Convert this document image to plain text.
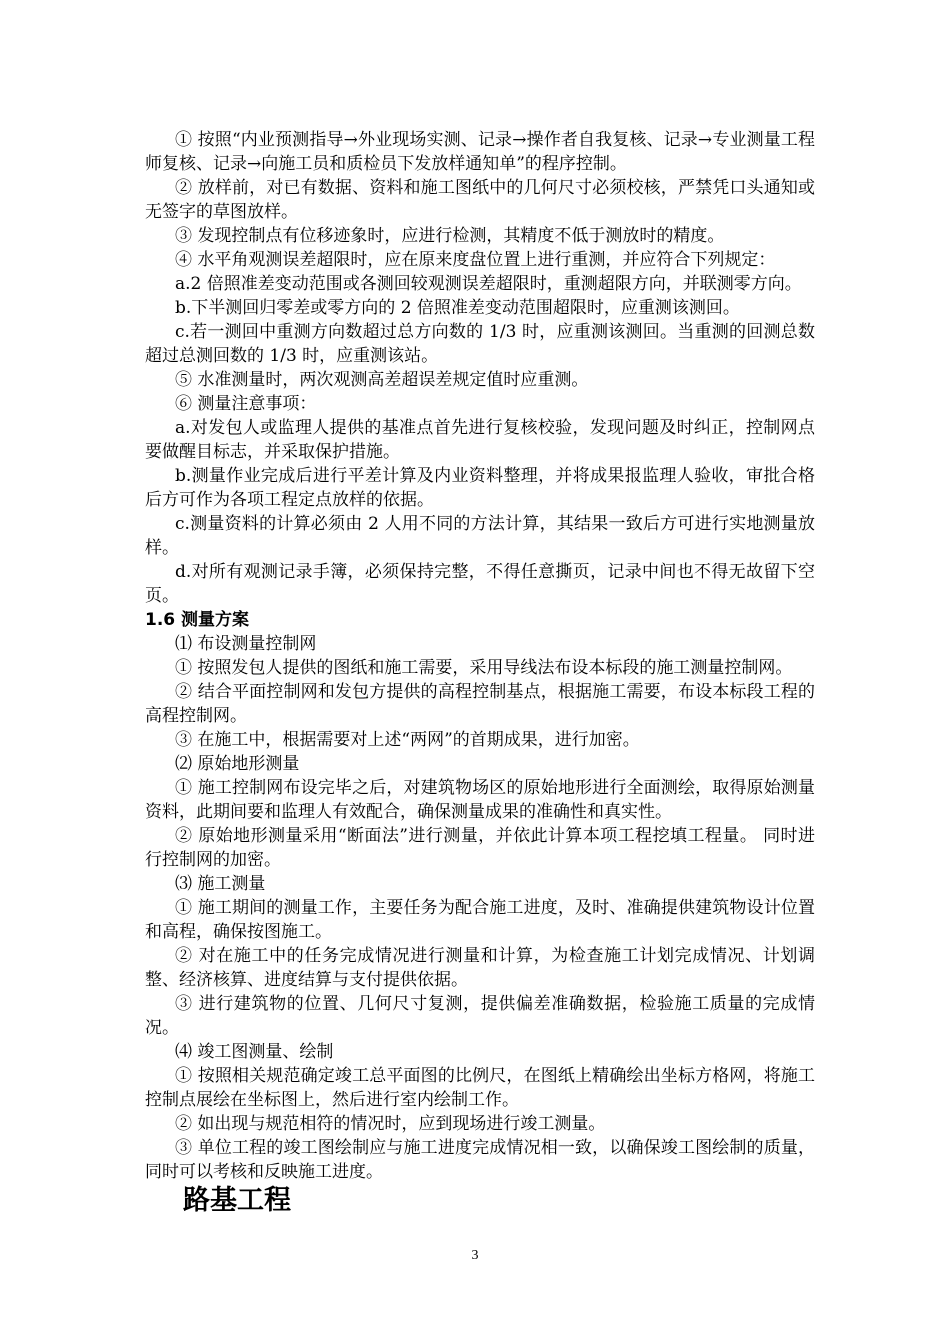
① 按照“内业预测指导→外业现场实测、记录→操作者自我复核、记录→专业测量工程师复核、记录→向施工员和质检员下发放样通知单”的程序控制。

② 放样前，对已有数据、资料和施工图纸中的几何尺寸必须校核，严禁凭口头通知或无签字的草图放样。

③ 发现控制点有位移迹象时，应进行检测，其精度不低于测放时的精度。

④ 水平角观测误差超限时，应在原来度盘位置上进行重测，并应符合下列规定：

a.2 倍照准差变动范围或各测回较观测误差超限时，重测超限方向，并联测零方向。

b.下半测回归零差或零方向的 2 倍照准差变动范围超限时，应重测该测回。

c.若一测回中重测方向数超过总方向数的 1/3 时，应重测该测回。当重测的回测总数超过总测回数的 1/3 时，应重测该站。

⑤ 水准测量时，两次观测高差超误差规定值时应重测。

⑥ 测量注意事项：

a.对发包人或监理人提供的基准点首先进行复核校验，发现问题及时纠正，控制网点要做醒目标志，并采取保护措施。

b.测量作业完成后进行平差计算及内业资料整理，并将成果报监理人验收，审批合格后方可作为各项工程定点放样的依据。

c.测量资料的计算必须由 2 人用不同的方法计算，其结果一致后方可进行实地测量放样。

d.对所有观测记录手簿，必须保持完整，不得任意撕页，记录中间也不得无故留下空页。

1.6 测量方案

⑴ 布设测量控制网

① 按照发包人提供的图纸和施工需要，采用导线法布设本标段的施工测量控制网。

② 结合平面控制网和发包方提供的高程控制基点，根据施工需要，布设本标段工程的高程控制网。

③ 在施工中，根据需要对上述“两网”的首期成果，进行加密。

⑵ 原始地形测量

① 施工控制网布设完毕之后，对建筑物场区的原始地形进行全面测绘，取得原始测量资料，此期间要和监理人有效配合，确保测量成果的准确性和真实性。

② 原始地形测量采用“断面法”进行测量，并依此计算本项工程挖填工程量。 同时进行控制网的加密。

⑶ 施工测量

① 施工期间的测量工作，主要任务为配合施工进度，及时、准确提供建筑物设计位置和高程，确保按图施工。

② 对在施工中的任务完成情况进行测量和计算，为检查施工计划完成情况、计划调整、经济核算、进度结算与支付提供依据。

③ 进行建筑物的位置、几何尺寸复测，提供偏差准确数据，检验施工质量的完成情况。

⑷ 竣工图测量、绘制

① 按照相关规范确定竣工总平面图的比例尺，在图纸上精确绘出坐标方格网，将施工控制点展绘在坐标图上，然后进行室内绘制工作。

② 如出现与规范相符的情况时，应到现场进行竣工测量。

③ 单位工程的竣工图绘制应与施工进度完成情况相一致，以确保竣工图绘制的质量，同时可以考核和反映施工进度。

路基工程
3
